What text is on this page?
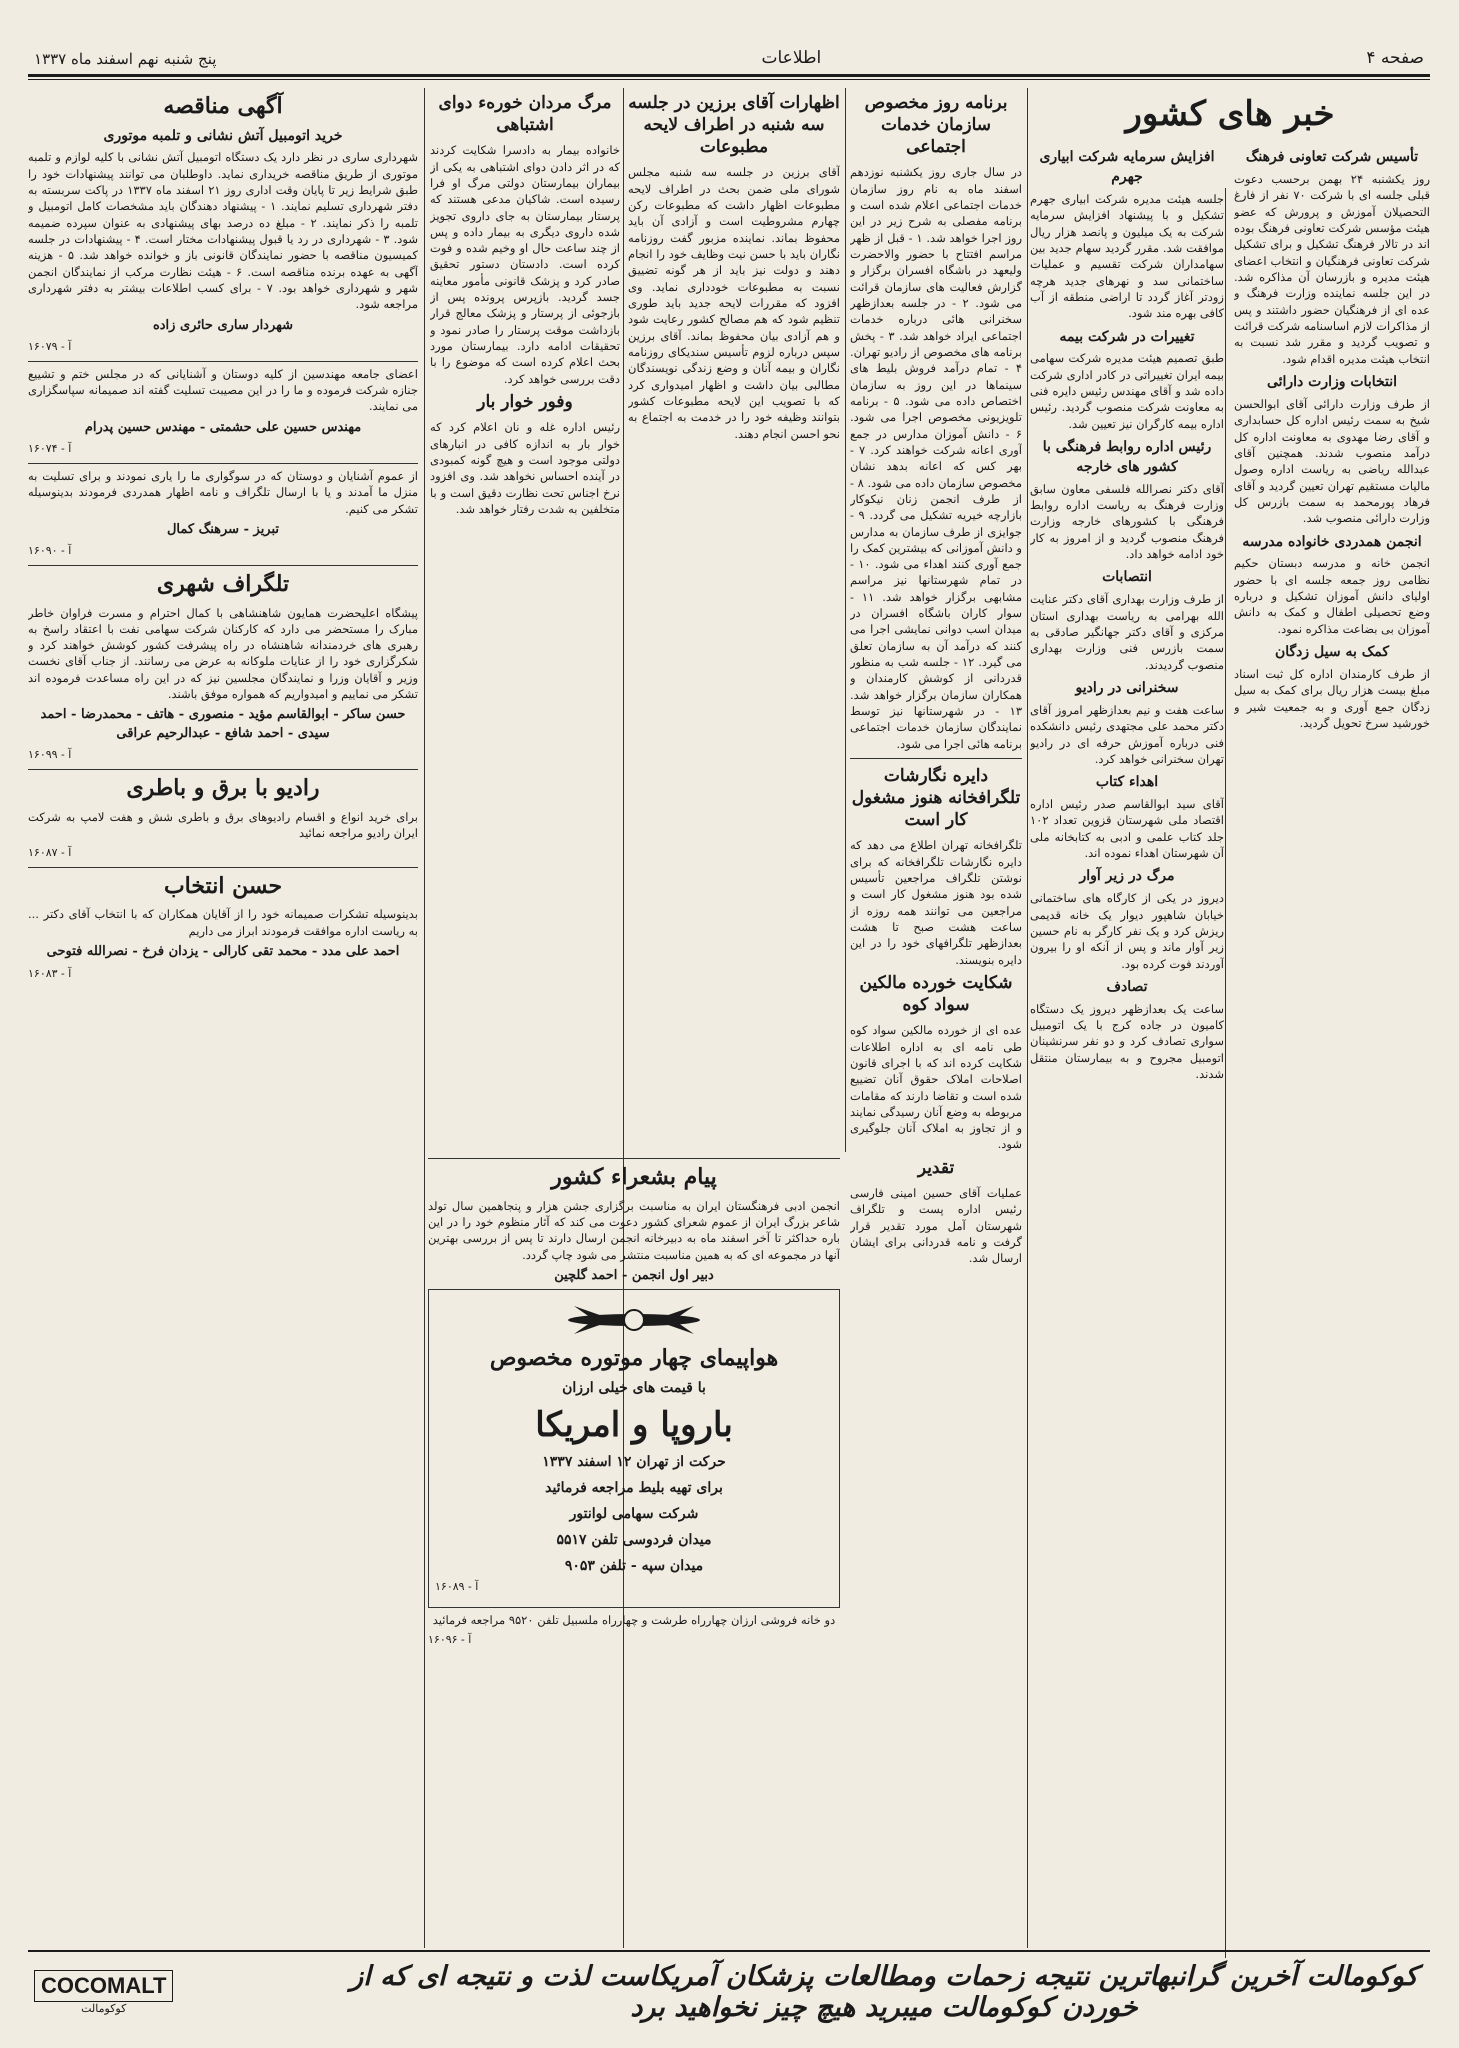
صفحه ۴
اطلاعات
پنج شنبه نهم اسفند ماه ۱۳۳۷
خبر های کشور
تأسیس شرکت تعاونی فرهنگ

روز یکشنبه ۲۴ بهمن برحسب دعوت قبلی جلسه ای با شرکت ۷۰ نفر از فارغ التحصیلان آموزش و پرورش که عضو هیئت مؤسس شرکت تعاونی فرهنگ بوده اند در تالار فرهنگ تشکیل و برای تشکیل شرکت تعاونی فرهنگیان و انتخاب اعضای هیئت مدیره و بازرسان آن مذاکره شد. در این جلسه نماینده وزارت فرهنگ و عده ای از فرهنگیان حضور داشتند و پس از مذاکرات لازم اساسنامه شرکت قرائت و تصویب گردید و مقرر شد نسبت به انتخاب هیئت مدیره اقدام شود.

انتخابات وزارت دارائی

از طرف وزارت دارائی آقای ابوالحسن شیخ به سمت رئیس اداره کل حسابداری و آقای رضا مهدوی به معاونت اداره کل درآمد منصوب شدند. همچنین آقای عبدالله ریاضی به ریاست اداره وصول مالیات مستقیم تهران تعیین گردید و آقای فرهاد پورمحمد به سمت بازرس کل وزارت دارائی منصوب شد.

انجمن همدردی خانواده مدرسه

انجمن خانه و مدرسه دبستان حکیم نظامی روز جمعه جلسه ای با حضور اولیای دانش آموزان تشکیل و درباره وضع تحصیلی اطفال و کمک به دانش آموزان بی بضاعت مذاکره نمود.

کمک به سیل زدگان

از طرف کارمندان اداره کل ثبت اسناد مبلغ بیست هزار ریال برای کمک به سیل زدگان جمع آوری و به جمعیت شیر و خورشید سرخ تحویل گردید.

افزایش سرمایه شرکت ابیاری جهرم

جلسه هیئت مدیره شرکت ابیاری جهرم تشکیل و با پیشنهاد افزایش سرمایه شرکت به یک میلیون و پانصد هزار ریال موافقت شد. مقرر گردید سهام جدید بین سهامداران شرکت تقسیم و عملیات ساختمانی سد و نهرهای جدید هرچه زودتر آغاز گردد تا اراضی منطقه از آب کافی بهره مند شود.

تغییرات در شرکت بیمه

طبق تصمیم هیئت مدیره شرکت سهامی بیمه ایران تغییراتی در کادر اداری شرکت داده شد و آقای مهندس رئیس دایره فنی به معاونت شرکت منصوب گردید. رئیس اداره بیمه کارگران نیز تعیین شد.

رئیس اداره روابط فرهنگی با کشور های خارجه

آقای دکتر نصرالله فلسفی معاون سابق وزارت فرهنگ به ریاست اداره روابط فرهنگی با کشورهای خارجه وزارت فرهنگ منصوب گردید و از امروز به کار خود ادامه خواهد داد.

انتصابات

از طرف وزارت بهداری آقای دکتر عنایت الله بهرامی به ریاست بهداری استان مرکزی و آقای دکتر جهانگیر صادقی به سمت بازرس فنی وزارت بهداری منصوب گردیدند.

سخنرانی در رادیو

ساعت هفت و نیم بعدازظهر امروز آقای دکتر محمد علی مجتهدی رئیس دانشکده فنی درباره آموزش حرفه ای در رادیو تهران سخنرانی خواهد کرد.

اهداء کتاب

آقای سید ابوالقاسم صدر رئیس اداره اقتصاد ملی شهرستان قزوین تعداد ۱۰۲ جلد کتاب علمی و ادبی به کتابخانه ملی آن شهرستان اهداء نموده اند.

مرگ در زیر آوار

دیروز در یکی از کارگاه های ساختمانی خیابان شاهپور دیوار یک خانه قدیمی ریزش کرد و یک نفر کارگر به نام حسین زیر آوار ماند و پس از آنکه او را بیرون آوردند فوت کرده بود.

تصادف

ساعت یک بعدازظهر دیروز یک دستگاه کامیون در جاده کرج با یک اتومبیل سواری تصادف کرد و دو نفر سرنشینان اتومبیل مجروح و به بیمارستان منتقل شدند.

برنامه روز مخصوص سازمان خدمات اجتماعی

در سال جاری روز یکشنبه نوزدهم اسفند ماه به نام روز سازمان خدمات اجتماعی اعلام شده است و برنامه مفصلی به شرح زیر در این روز اجرا خواهد شد. ۱ - قبل از ظهر مراسم افتتاح با حضور والاحضرت ولیعهد در باشگاه افسران برگزار و گزارش فعالیت های سازمان قرائت می شود. ۲ - در جلسه بعدازظهر سخنرانی هائی درباره خدمات اجتماعی ایراد خواهد شد. ۳ - پخش برنامه های مخصوص از رادیو تهران. ۴ - تمام درآمد فروش بلیط های سینماها در این روز به سازمان اختصاص داده می شود. ۵ - برنامه تلویزیونی مخصوص اجرا می شود. ۶ - دانش آموزان مدارس در جمع آوری اعانه شرکت خواهند کرد. ۷ - بهر کس که اعانه بدهد نشان مخصوص سازمان داده می شود. ۸ - از طرف انجمن زنان نیکوکار بازارچه خیریه تشکیل می گردد. ۹ - جوایزی از طرف سازمان به مدارس و دانش آموزانی که بیشترین کمک را جمع آوری کنند اهداء می شود. ۱۰ - در تمام شهرستانها نیز مراسم مشابهی برگزار خواهد شد. ۱۱ - سوار کاران باشگاه افسران در میدان اسب دوانی نمایشی اجرا می کنند که درآمد آن به سازمان تعلق می گیرد. ۱۲ - جلسه شب به منظور قدردانی از کوشش کارمندان و همکاران سازمان برگزار خواهد شد. ۱۳ - در شهرستانها نیز توسط نمایندگان سازمان خدمات اجتماعی برنامه هائی اجرا می شود.

دایره نگارشات تلگرافخانه هنوز مشغول کار است

تلگرافخانه تهران اطلاع می دهد که دایره نگارشات تلگرافخانه که برای نوشتن تلگراف مراجعین تأسیس شده بود هنوز مشغول کار است و مراجعین می توانند همه روزه از ساعت هشت صبح تا هشت بعدازظهر تلگرافهای خود را در این دایره بنویسند.

شکایت خورده مالکین سواد کوه

عده ای از خورده مالکین سواد کوه طی نامه ای به اداره اطلاعات شکایت کرده اند که با اجرای قانون اصلاحات املاک حقوق آنان تضییع شده است و تقاضا دارند که مقامات مربوطه به وضع آنان رسیدگی نمایند و از تجاوز به املاک آنان جلوگیری شود.

تقدیر

عملیات آقای حسین امینی فارسی رئیس اداره پست و تلگراف شهرستان آمل مورد تقدیر قرار گرفت و نامه قدردانی برای ایشان ارسال شد.

اظهارات آقای برزین در جلسه سه شنبه در اطراف لایحه مطبوعات

آقای برزین در جلسه سه شنبه مجلس شورای ملی ضمن بحث در اطراف لایحه مطبوعات اظهار داشت که مطبوعات رکن چهارم مشروطیت است و آزادی آن باید محفوظ بماند. نماینده مزبور گفت روزنامه نگاران باید با حسن نیت وظایف خود را انجام دهند و دولت نیز باید از هر گونه تضییق نسبت به مطبوعات خودداری نماید. وی افزود که مقررات لایحه جدید باید طوری تنظیم شود که هم مصالح کشور رعایت شود و هم آزادی بیان محفوظ بماند. آقای برزین سپس درباره لزوم تأسیس سندیکای روزنامه نگاران و بیمه آنان و وضع زندگی نویسندگان مطالبی بیان داشت و اظهار امیدواری کرد که با تصویب این لایحه مطبوعات کشور بتوانند وظیفه خود را در خدمت به اجتماع به نحو احسن انجام دهند.

مرگ مردان خورهء دوای اشتباهی

خانواده بیمار به دادسرا شکایت کردند که در اثر دادن دوای اشتباهی به یکی از بیماران بیمارستان دولتی مرگ او فرا رسیده است. شاکیان مدعی هستند که پرستار بیمارستان به جای داروی تجویز شده داروی دیگری به بیمار داده و پس از چند ساعت حال او وخیم شده و فوت کرده است. دادستان دستور تحقیق صادر کرد و پزشک قانونی مأمور معاینه جسد گردید. بازپرس پرونده پس از بازجوئی از پرستار و پزشک معالج قرار بازداشت موقت پرستار را صادر نمود و تحقیقات ادامه دارد. بیمارستان مورد بحث اعلام کرده است که موضوع را با دقت بررسی خواهد کرد.

وفور خوار بار

رئیس اداره غله و نان اعلام کرد که خوار بار به اندازه کافی در انبارهای دولتی موجود است و هیچ گونه کمبودی در آینده احساس نخواهد شد. وی افزود نرخ اجناس تحت نظارت دقیق است و با متخلفین به شدت رفتار خواهد شد.

پیام بشعراء کشور

انجمن ادبی فرهنگستان ایران به مناسبت برگزاری جشن هزار و پنجاهمین سال تولد شاعر بزرگ ایران از عموم شعرای کشور دعوت می کند که آثار منظوم خود را در این باره حداکثر تا آخر اسفند ماه به دبیرخانه انجمن ارسال دارند تا پس از بررسی بهترین آنها در مجموعه ای که به همین مناسبت منتشر می شود چاپ گردد.

دبیر اول انجمن - احمد گلچین
هواپیمای چهار موتوره مخصوص
با قیمت های خیلی ارزان
باروپا و امریکا
حرکت از تهران ۱۲ اسفند ۱۳۳۷
برای تهیه بلیط مراجعه فرمائید
شرکت سهامی لوانتور
میدان فردوسی تلفن ۵۵۱۷
میدان سپه - تلفن ۹۰۵۳
آ - ۱۶۰۸۹

دو خانه فروشی ارزان چهارراه طرشت و چهارراه ملسبیل تلفن ۹۵۲۰ مراجعه فرمائید

آ - ۱۶۰۹۶
آگهی مناقصه
خرید اتومبیل آتش نشانی و تلمبه موتوری

شهرداری ساری در نظر دارد یک دستگاه اتومبیل آتش نشانی با کلیه لوازم و تلمبه موتوری از طریق مناقصه خریداری نماید. داوطلبان می توانند پیشنهادات خود را طبق شرایط زیر تا پایان وقت اداری روز ۲۱ اسفند ماه ۱۳۳۷ در پاکت سربسته به دفتر شهرداری تسلیم نمایند. ۱ - پیشنهاد دهندگان باید مشخصات کامل اتومبیل و تلمبه را ذکر نمایند. ۲ - مبلغ ده درصد بهای پیشنهادی به عنوان سپرده ضمیمه شود. ۳ - شهرداری در رد یا قبول پیشنهادات مختار است. ۴ - پیشنهادات در جلسه کمیسیون مناقصه با حضور نمایندگان قانونی باز و خوانده خواهد شد. ۵ - هزینه آگهی به عهده برنده مناقصه است. ۶ - هیئت نظارت مرکب از نمایندگان انجمن شهر و شهرداری خواهد بود. ۷ - برای کسب اطلاعات بیشتر به دفتر شهرداری مراجعه شود.

شهردار ساری حائری زاده
آ - ۱۶۰۷۹

اعضای جامعه مهندسین از کلیه دوستان و آشنایانی که در مجلس ختم و تشییع جنازه شرکت فرموده و ما را در این مصیبت تسلیت گفته اند صمیمانه سپاسگزاری می نمایند.

مهندس حسین علی حشمتی - مهندس حسین پدرام
آ - ۱۶۰۷۴

از عموم آشنایان و دوستان که در سوگواری ما را یاری نمودند و برای تسلیت به منزل ما آمدند و یا با ارسال تلگراف و نامه اظهار همدردی فرمودند بدینوسیله تشکر می کنیم.

تبریز - سرهنگ کمال
آ - ۱۶۰۹۰
تلگراف شهری

پیشگاه اعلیحضرت همایون شاهنشاهی با کمال احترام و مسرت فراوان خاطر مبارک را مستحضر می دارد که کارکنان شرکت سهامی نفت با اعتقاد راسخ به رهبری های خردمندانه شاهنشاه در راه پیشرفت کشور کوشش خواهند کرد و شکرگزاری خود را از عنایات ملوکانه به عرض می رسانند. از جناب آقای نخست وزیر و آقایان وزرا و نمایندگان مجلسین نیز که در این راه مساعدت فرموده اند تشکر می نماییم و امیدواریم که همواره موفق باشند.

حسن ساکر - ابوالقاسم مؤید - منصوری - هاتف - محمدرضا - احمد سیدی - احمد شافع - عبدالرحیم عراقی
آ - ۱۶۰۹۹
رادیو با برق و باطری

برای خرید انواع و اقسام رادیوهای برق و باطری شش و هفت لامپ به شرکت ایران رادیو مراجعه نمائید

آ - ۱۶۰۸۷
حسن انتخاب

بدینوسیله تشکرات صمیمانه خود را از آقایان همکاران که با انتخاب آقای دکتر ... به ریاست اداره موافقت فرمودند ابراز می داریم

احمد علی مدد - محمد تقی کارالی - یزدان فرخ - نصرالله فتوحی
آ - ۱۶۰۸۳
کوکومالت آخرین گرانبهاترین نتیجه زحمات ومطالعات پزشکان آمریکاست لذت و نتیجه ای که از خوردن کوکومالت میبرید هیچ چیز نخواهید برد
COCOMALT
کوکومالت
